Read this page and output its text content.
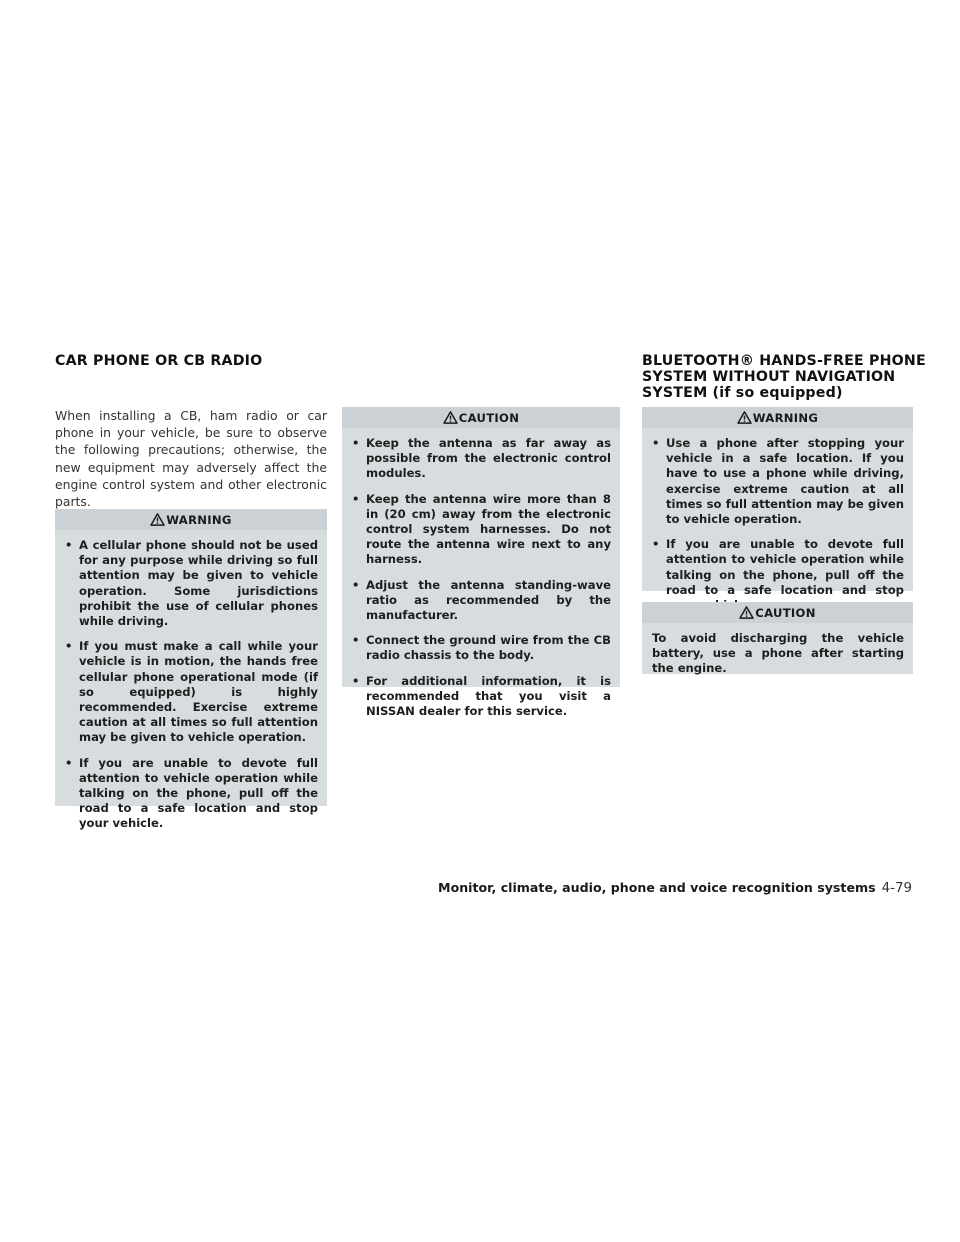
CAR PHONE OR CB RADIO
When installing a CB, ham radio or car phone in your vehicle, be sure to observe the following precautions; otherwise, the new equipment may adversely affect the engine control system and other electronic parts.
WARNING
• A cellular phone should not be used for any purpose while driving so full attention may be given to vehicle operation. Some jurisdictions prohibit the use of cellular phones while driving.
• If you must make a call while your vehicle is in motion, the hands free cellular phone operational mode (if so equipped) is highly recommended. Exercise extreme caution at all times so full attention may be given to vehicle operation.
• If you are unable to devote full attention to vehicle operation while talking on the phone, pull off the road to a safe location and stop your vehicle.
CAUTION
• Keep the antenna as far away as possible from the electronic control modules.
• Keep the antenna wire more than 8 in (20 cm) away from the electronic control system harnesses. Do not route the antenna wire next to any harness.
• Adjust the antenna standing-wave ratio as recommended by the manufacturer.
• Connect the ground wire from the CB radio chassis to the body.
• For additional information, it is recommended that you visit a NISSAN dealer for this service.
BLUETOOTH® HANDS-FREE PHONE
SYSTEM WITHOUT NAVIGATION
SYSTEM (if so equipped)
WARNING
• Use a phone after stopping your vehicle in a safe location. If you have to use a phone while driving, exercise extreme caution at all times so full attention may be given to vehicle operation.
• If you are unable to devote full attention to vehicle operation while talking on the phone, pull off the road to a safe location and stop
CAUTION

To avoid discharging the vehicle battery, use a phone after starting the engine.

Monitor, climate, audio, phone and voice recognition systems 4-79
